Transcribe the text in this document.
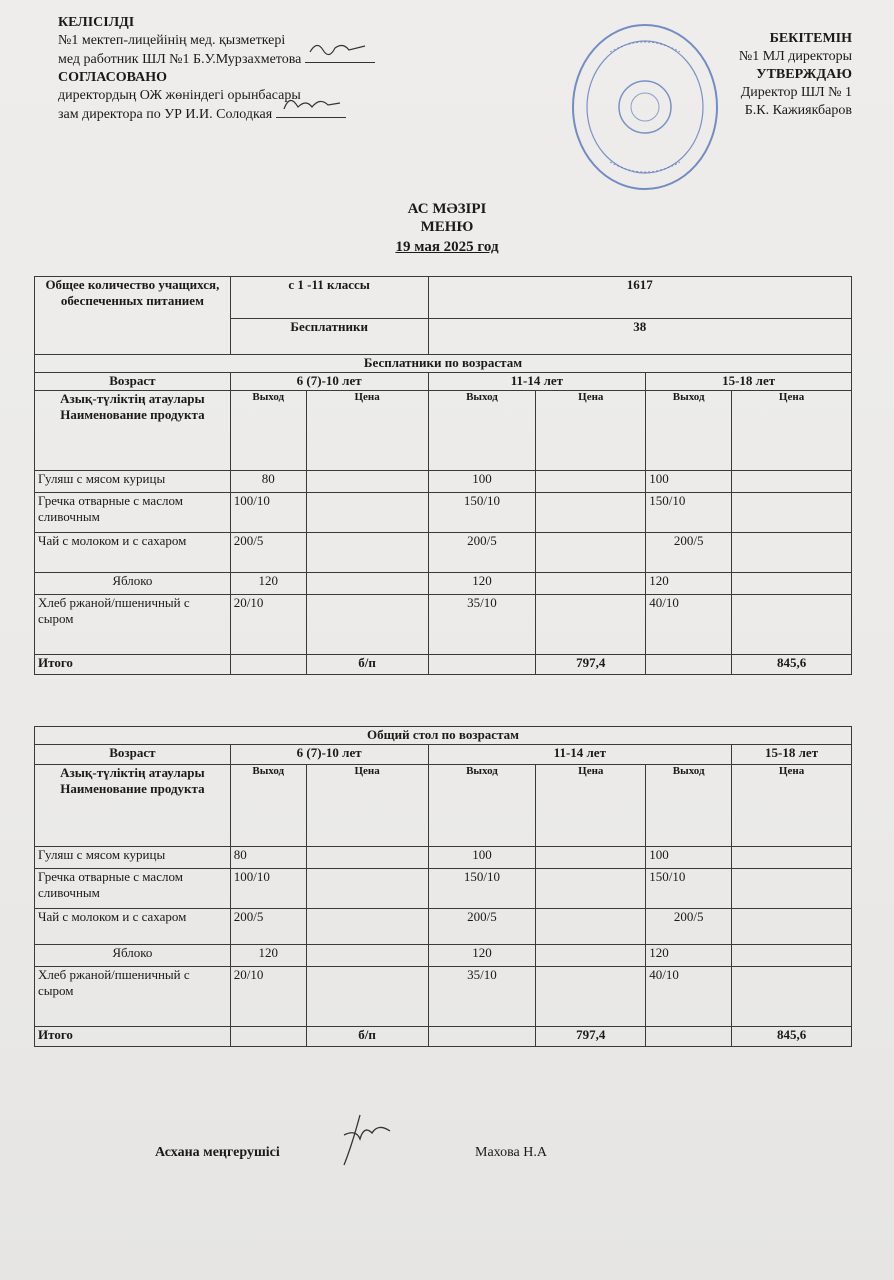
КЕЛІСІЛДІ
№1 мектеп-лицейінің мед. қызметкері
мед работник ШЛ №1 Б.У.Мурзахметова
СОГЛАСОВАНО
директордың ОЖ жөніндегі орынбасары
зам директора по УР И.И. Солодкая
БЕКІТЕМІН
№1 МЛ директоры
УТВЕРЖДАЮ
Директор ШЛ № 1
Б.К. Кажиякбаров
АС МӘЗІРІ
МЕНЮ
19 мая 2025 год
Общее количество учащихся, обеспеченных питанием	с 1 -11 классы		1617			
	Бесплатники		38			
Бесплатники по возрастам						
Возраст	6 (7)-10 лет		11-14 лет		15-18 лет	
Азық-түліктің атаулары Наименование продукта	Выход	Цена	Выход	Цена	Выход	Цена
Гуляш с мясом курицы	80		100		100	
Гречка отварные с маслом сливочным	100/10		150/10		150/10	
Чай с молоком и с сахаром	200/5		200/5		200/5	
Яблоко	120		120		120	
Хлеб ржаной/пшеничный с сыром	20/10		35/10		40/10	
Итого		б/п		797,4		845,6
Общий стол по возрастам						
Возраст	6 (7)-10 лет		11-14 лет			15-18 лет
Азық-түліктің атаулары Наименование продукта	Выход	Цена	Выход	Цена	Выход	Цена
Гуляш с мясом курицы	80		100		100	
Гречка отварные с маслом сливочным	100/10		150/10		150/10	
Чай с молоком и с сахаром	200/5		200/5		200/5	
Яблоко	120		120		120	
Хлеб ржаной/пшеничный с сыром	20/10		35/10		40/10	
Итого		б/п		797,4		845,6
Асхана меңгерушісі	Махова Н.А
